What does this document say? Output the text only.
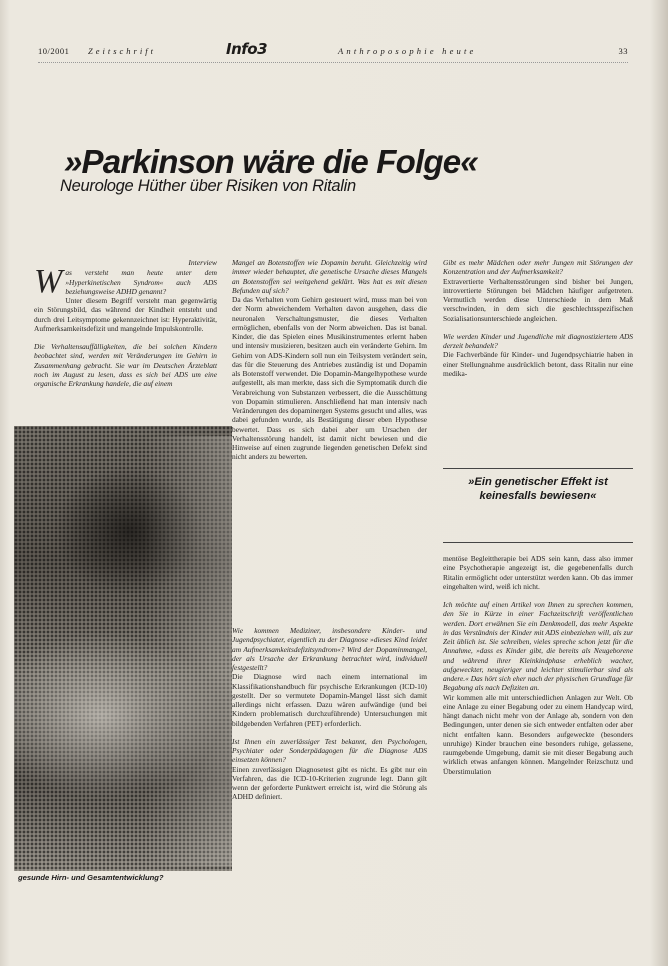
10/2001 Zeitschrift	Info3	Anthroposophie heute	33
»Parkinson wäre die Folge«
Neurologe Hüther über Risiken von Ritalin
Interview

Was versteht man heute unter dem »Hyperkinetischen Syndrom« auch ADS beziehungsweise ADHD genannt?

Unter diesem Begriff versteht man gegenwärtig ein Störungsbild, das während der Kindheit entsteht und durch drei Leitsymptome gekennzeichnet ist: Hyperaktivität, Aufmerksamkeitsdefizit und mangelnde Impulskontrolle.

Die Verhaltensauffälligkeiten, die bei solchen Kindern beobachtet sind, werden mit Veränderungen im Gehirn in Zusammenhang gebracht. Sie war im Deutschen Ärzteblatt noch im August zu lesen, dass es sich bei ADS um eine organische Erkrankung handele, die auf einem

gesunde Hirn- und Gesamtentwicklung?

Mangel an Botenstoffen wie Dopamin beruht. Gleichzeitig wird immer wieder behauptet, die genetische Ursache dieses Mangels an Botenstoffen sei weitgehend geklärt. Was hat es mit diesen Befunden auf sich?

Da das Verhalten vom Gehirn gesteuert wird, muss man bei von der Norm abweichendem Verhalten davon ausgehen, dass die neuronalen Verschaltungsmuster, die dieses Verhalten ermöglichen, ebenfalls von der Norm abweichen. Das ist banal. Kinder, die das Spielen eines Musikinstrumentes erlernt haben und intensiv musizieren, besitzen auch ein veränderte Gehirn. Im Gehirn von ADS-Kindern soll nun ein Teilsystem verändert sein, das für die Steuerung des Antriebes zuständig ist und Dopamin als Botenstoff verwendet. Die Dopamin-Mangelhypothese wurde aufgestellt, als man merkte, dass sich die Symptomatik durch die Verabreichung von Substanzen verbessert, die die Ausschüttung von Dopamin stimulieren. Anschließend hat man intensiv nach Veränderungen des dopaminergen Systems gesucht und alles, was dabei gefunden wurde, als Bestätigung dieser eben Hypothese bewertet. Dass es sich dabei aber um Ursachen der Verhaltensstörung handelt, ist damit nicht bewiesen und die Hinweise auf einen zugrunde liegenden genetischen Defekt sind nicht anders zu bewerten.

Wie kommen Mediziner, insbesondere Kinder- und Jugendpsychiater, eigentlich zu der Diagnose »dieses Kind leidet am Aufmerksamkeitsdefizitsyndrom«? Wird der Dopaminmangel, der als Ursache der Erkrankung betrachtet wird, individuell festgestellt?

Die Diagnose wird nach einem international im Klassifikationshandbuch für psychische Erkrankungen (ICD-10) gestellt. Der so vermutete Dopamin-Mangel lässt sich damit allerdings nicht erfassen. Dazu wären aufwändige (und bei Kindern problematisch durchzuführende) Untersuchungen mit bildgebenden Verfahren (PET) erforderlich.

Ist Ihnen ein zuverlässiger Test bekannt, den Psychologen, Psychiater oder Sonderpädagogen für die Diagnose ADS einsetzen können?

Einen zuverlässigen Diagnosetest gibt es nicht. Es gibt nur ein Verfahren, das die ICD-10-Kriterien zugrunde legt. Dann gilt wenn der geforderte Punktwert erreicht ist, wird die Störung als ADHD definiert.

Gibt es mehr Mädchen oder mehr Jungen mit Störungen der Konzentration und der Aufmerksamkeit?

Extravertierte Verhaltensstörungen sind bisher bei Jungen, introvertierte Störungen bei Mädchen häufiger aufgetreten. Vermutlich werden diese Unterschiede in dem Maß verschwinden, in dem sich die geschlechtsspezifischen Sozialisationsunterschiede angleichen.

Wie werden Kinder und Jugendliche mit diagnostiziertem ADS derzeit behandelt?

Die Fachverbände für Kinder- und Jugendpsychiatrie haben in einer Stellungnahme ausdrücklich betont, dass Ritalin nur eine medika-

»Ein genetischer Effekt ist keinesfalls bewiesen«

mentöse Begleittherapie bei ADS sein kann, dass also immer eine Psychotherapie angezeigt ist, die gegebenenfalls durch Ritalin ermöglicht oder unterstützt werden kann. Ob das immer eingehalten wird, weiß ich nicht.

Ich möchte auf einen Artikel von Ihnen zu sprechen kommen, den Sie in Kürze in einer Fachzeitschrift veröffentlichen werden. Dort erwähnen Sie ein Denkmodell, das mehr Aspekte in das Verständnis der Kinder mit ADS einbeziehen will, als zur Zeit üblich ist. Sie schreiben, vieles spreche schon jetzt für die Annahme, »dass es Kinder gibt, die bereits als Neugeborene und während ihrer Kleinkindphase erheblich wacher, aufgeweckter, neugieriger und leichter stimulierbar sind als andere.« Das hört sich eher nach der physischen Grundlage für Begabung als nach Defiziten an.

Wir kommen alle mit unterschiedlichen Anlagen zur Welt. Ob eine Anlage zu einer Begabung oder zu einem Handycap wird, hängt danach nicht mehr von der Anlage ab, sondern von den Bedingungen, unter denen sie sich entweder entfalten oder aber nicht entfalten kann. Besonders aufgeweckte (besonders unruhige) Kinder brauchen eine besonders ruhige, gelassene, raumgebende Umgebung, damit sie mit dieser Begabung auch wirklich etwas anfangen können. Mangelnder Reizschutz und Überstimulation
